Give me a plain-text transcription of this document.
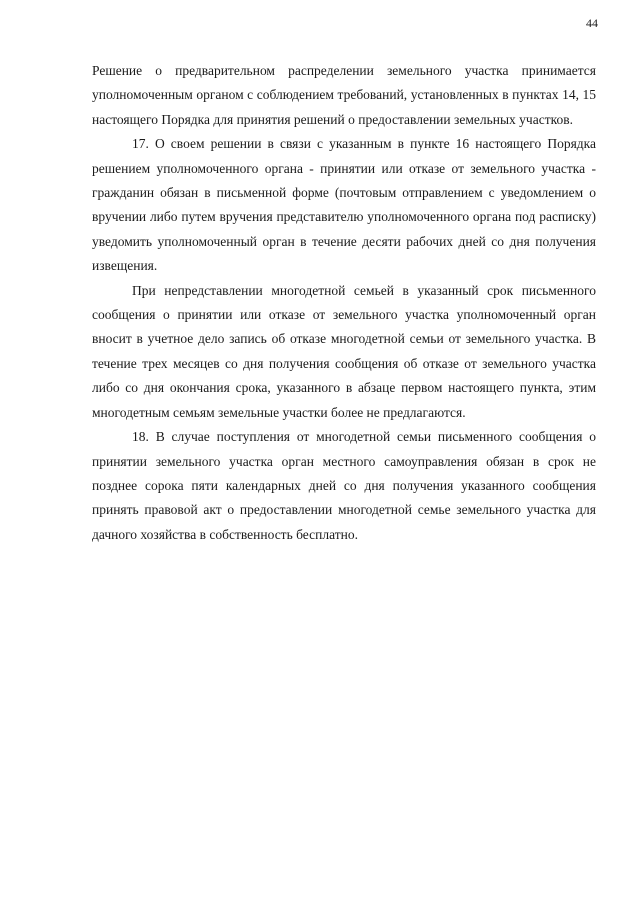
44

Решение о предварительном распределении земельного участка принимается уполномоченным органом с соблюдением требований, установленных в пунктах 14, 15 настоящего Порядка для принятия решений о предоставлении земельных участков.

17. О своем решении в связи с указанным в пункте 16 настоящего Порядка решением уполномоченного органа - принятии или отказе от земельного участка - гражданин обязан в письменной форме (почтовым отправлением с уведомлением о вручении либо путем вручения представителю уполномоченного органа под расписку) уведомить уполномоченный орган в течение десяти рабочих дней со дня получения извещения.

При непредставлении многодетной семьей в указанный срок письменного сообщения о принятии или отказе от земельного участка уполномоченный орган вносит в учетное дело запись об отказе многодетной семьи от земельного участка. В течение трех месяцев со дня получения сообщения об отказе от земельного участка либо со дня окончания срока, указанного в абзаце первом настоящего пункта, этим многодетным семьям земельные участки более не предлагаются.

18. В случае поступления от многодетной семьи письменного сообщения о принятии земельного участка орган местного самоуправления обязан в срок не позднее сорока пяти календарных дней со дня получения указанного сообщения принять правовой акт о предоставлении многодетной семье земельного участка для дачного хозяйства в собственность бесплатно.
